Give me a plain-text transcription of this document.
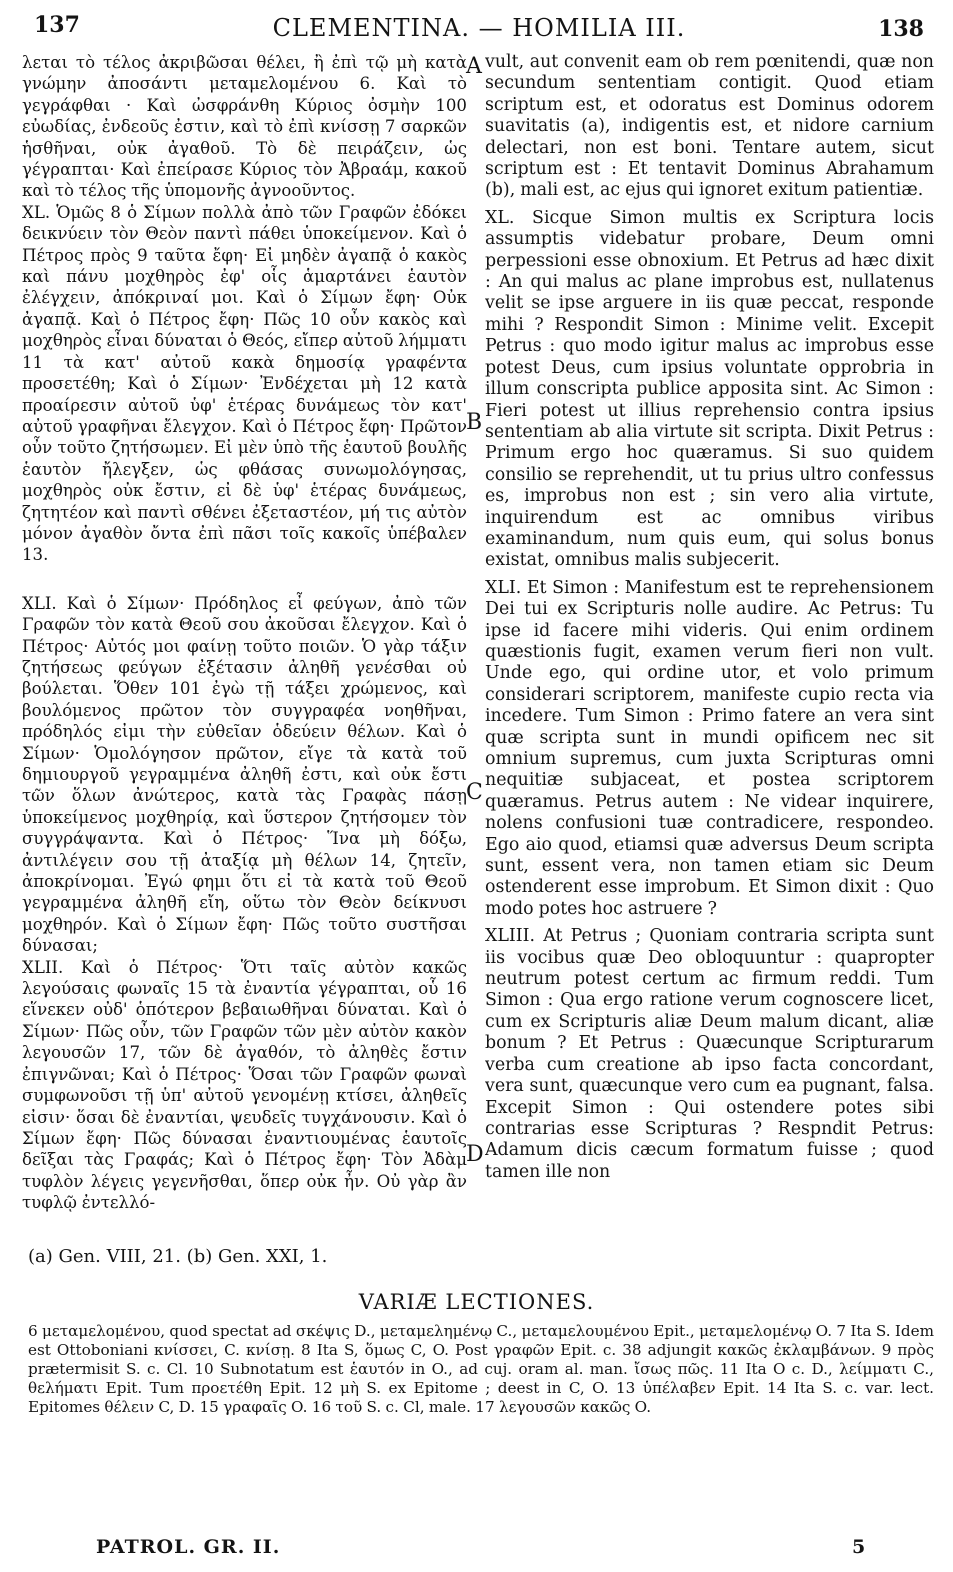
137	CLEMENTINA. — HOMILIA III.	138

λεται τὸ τέλος ἀκριβῶσαι θέλει, ἢ ἐπὶ τῷ μὴ κατὰ γνώμην ἀποσάντι μεταμελομένου 6. Καὶ τὸ γεγράφθαι · Καὶ ὠσφράνθη Κύριος ὀσμὴν 100 εὐωδίας, ἐνδεοῦς ἐστιν, καὶ τὸ ἐπὶ κνίσσῃ 7 σαρκῶν ἡσθῆναι, οὐκ ἀγαθοῦ. Τὸ δὲ πειράζειν, ὡς γέγραπται· Καὶ ἐπείρασε Κύριος τὸν Ἀβραάμ, κακοῦ καὶ τὸ τέλος τῆς ὑπομονῆς ἀγνοοῦντος.

XL. Ὁμῶς 8 ὁ Σίμων πολλὰ ἀπὸ τῶν Γραφῶν ἐδόκει δεικνύειν τὸν Θεὸν παντὶ πάθει ὑποκείμενον. Καὶ ὁ Πέτρος πρὸς 9 ταῦτα ἔφη· Εἰ μηδὲν ἀγαπᾷ ὁ κακὸς καὶ πάνυ μοχθηρὸς ἐφ' οἷς ἁμαρτάνει ἑαυτὸν ἐλέγχειν, ἀπόκριναί μοι. Καὶ ὁ Σίμων ἔφη· Οὐκ ἀγαπᾷ. Καὶ ὁ Πέτρος ἔφη· Πῶς 10 οὖν κακὸς καὶ μοχθηρὸς εἶναι δύναται ὁ Θεός, εἴπερ αὐτοῦ λήμματι 11 τὰ κατ' αὐτοῦ κακὰ δημοσίᾳ γραφέντα προσετέθη; Καὶ ὁ Σίμων· Ἐνδέχεται μὴ 12 κατὰ προαίρεσιν αὐτοῦ ὑφ' ἑτέρας δυνάμεως τὸν κατ' αὐτοῦ γραφῆναι ἔλεγχον. Καὶ ὁ Πέτρος ἔφη· Πρῶτον οὖν τοῦτο ζητήσωμεν. Εἰ μὲν ὑπὸ τῆς ἑαυτοῦ βουλῆς ἑαυτὸν ἤλεγξεν, ὡς φθάσας συνωμολόγησας, μοχθηρὸς οὐκ ἔστιν, εἰ δὲ ὑφ' ἑτέρας δυνάμεως, ζητητέον καὶ παντὶ σθένει ἐξεταστέον, μή τις αὐτὸν μόνον ἀγαθὸν ὄντα ἐπὶ πᾶσι τοῖς κακοῖς ὑπέβαλεν 13.

XLI. Καὶ ὁ Σίμων· Πρόδηλος εἶ φεύγων, ἀπὸ τῶν Γραφῶν τὸν κατὰ Θεοῦ σου ἀκοῦσαι ἔλεγχον. Καὶ ὁ Πέτρος· Αὐτός μοι φαίνῃ τοῦτο ποιῶν. Ὁ γὰρ τάξιν ζητήσεως φεύγων ἐξέτασιν ἀληθῆ γενέσθαι οὐ βούλεται. Ὅθεν 101 ἐγὼ τῇ τάξει χρώμενος, καὶ βουλόμενος πρῶτον τὸν συγγραφέα νοηθῆναι, πρόδηλός εἰμι τὴν εὐθεῖαν ὁδεύειν θέλων. Καὶ ὁ Σίμων· Ὁμολόγησον πρῶτον, εἴγε τὰ κατὰ τοῦ δημιουργοῦ γεγραμμένα ἀληθῆ ἐστι, καὶ οὐκ ἔστι τῶν ὅλων ἀνώτερος, κατὰ τὰς Γραφὰς πάσῃ ὑποκείμενος μοχθηρίᾳ, καὶ ὕστερον ζητήσομεν τὸν συγγράψαντα. Καὶ ὁ Πέτρος· Ἵνα μὴ δόξω, ἀντιλέγειν σου τῇ ἀταξίᾳ μὴ θέλων 14, ζητεῖν, ἀποκρίνομαι. Ἐγώ φημι ὅτι εἰ τὰ κατὰ τοῦ Θεοῦ γεγραμμένα ἀληθῆ εἴη, οὕτω τὸν Θεὸν δείκνυσι μοχθηρόν. Καὶ ὁ Σίμων ἔφη· Πῶς τοῦτο συστῆσαι δύνασαι;

XLII. Καὶ ὁ Πέτρος· Ὅτι ταῖς αὐτὸν κακῶς λεγούσαις φωναῖς 15 τὰ ἐναντία γέγραπται, οὗ 16 εἵνεκεν οὐδ' ὁπότερον βεβαιωθῆναι δύναται. Καὶ ὁ Σίμων· Πῶς οὖν, τῶν Γραφῶν τῶν μὲν αὐτὸν κακὸν λεγουσῶν 17, τῶν δὲ ἀγαθόν, τὸ ἀληθὲς ἔστιν ἐπιγνῶναι; Καὶ ὁ Πέτρος· Ὅσαι τῶν Γραφῶν φωναὶ συμφωνοῦσι τῇ ὑπ' αὐτοῦ γενομένῃ κτίσει, ἀληθεῖς εἰσιν· ὅσαι δὲ ἐναντίαι, ψευδεῖς τυγχάνουσιν. Καὶ ὁ Σίμων ἔφη· Πῶς δύνασαι ἐναντιουμένας ἑαυτοῖς δεῖξαι τὰς Γραφάς; Καὶ ὁ Πέτρος ἔφη· Τὸν Ἀδὰμ τυφλὸν λέγεις γεγενῆσθαι, ὅπερ οὐκ ἦν. Οὐ γὰρ ἂν τυφλῷ ἐντελλό-

A
B
C
D

vult, aut convenit eam ob rem pœnitendi, quæ non secundum sententiam contigit. Quod etiam scriptum est, et odoratus est Dominus odorem suavitatis (a), indigentis est, et nidore carnium delectari, non est boni. Tentare autem, sicut scriptum est : Et tentavit Dominus Abrahamum (b), mali est, ac ejus qui ignoret exitum patientiæ.

XL. Sicque Simon multis ex Scriptura locis assumptis videbatur probare, Deum omni perpessioni esse obnoxium. Et Petrus ad hæc dixit : An qui malus ac plane improbus est, nullatenus velit se ipse arguere in iis quæ peccat, responde mihi ? Respondit Simon : Minime velit. Excepit Petrus : quo modo igitur malus ac improbus esse potest Deus, cum ipsius voluntate opprobria in illum conscripta publice apposita sint. Ac Simon : Fieri potest ut illius reprehensio contra ipsius sententiam ab alia virtute sit scripta. Dixit Petrus : Primum ergo hoc quæramus. Si suo quidem consilio se reprehendit, ut tu prius ultro confessus es, improbus non est ; sin vero alia virtute, inquirendum est ac omnibus viribus examinandum, num quis eum, qui solus bonus existat, omnibus malis subjecerit.

XLI. Et Simon : Manifestum est te reprehensionem Dei tui ex Scripturis nolle audire. Ac Petrus: Tu ipse id facere mihi videris. Qui enim ordinem quæstionis fugit, examen verum fieri non vult. Unde ego, qui ordine utor, et volo primum considerari scriptorem, manifeste cupio recta via incedere. Tum Simon : Primo fatere an vera sint quæ scripta sunt in mundi opificem nec sit omnium supremus, cum juxta Scripturas omni nequitiæ subjaceat, et postea scriptorem quæramus. Petrus autem : Ne videar inquirere, nolens confusioni tuæ contradicere, respondeo. Ego aio quod, etiamsi quæ adversus Deum scripta sunt, essent vera, non tamen etiam sic Deum ostenderent esse improbum. Et Simon dixit : Quo modo potes hoc astruere ?

XLIII. At Petrus ; Quoniam contraria scripta sunt iis vocibus quæ Deo obloquuntur : quapropter neutrum potest certum ac firmum reddi. Tum Simon : Qua ergo ratione verum cognoscere licet, cum ex Scripturis aliæ Deum malum dicant, aliæ bonum ? Et Petrus : Quæcunque Scripturarum verba cum creatione ab ipso facta concordant, vera sunt, quæcunque vero cum ea pugnant, falsa. Excepit Simon : Qui ostendere potes sibi contrarias esse Scripturas ? Respndit Petrus: Adamum dicis cæcum formatum fuisse ; quod tamen ille non

(a) Gen. VIII, 21. (b) Gen. XXI, 1.
VARIÆ LECTIONES.

6 μεταμελομένου, quod spectat ad σκέψις D., μεταμελημένῳ C., μεταμελουμένου Epit., μεταμελομένῳ O. 7 Ita S. Idem est Ottoboniani κνίσσει, C. κνίσῃ. 8 Ita S, ὅμως C, O. Post γραφῶν Epit. c. 38 adjungit κακῶς ἐκλαμβάνων. 9 πρὸς prætermisit S. c. Cl. 10 Subnotatum est ἑαυτόν in O., ad cuj. oram al. man. ἴσως πῶς. 11 Ita O c. D., λείμματι C., θελήματι Epit. Tum προετέθη Epit. 12 μὴ S. ex Epitome ; deest in C, O. 13 ὑπέλαβεν Epit. 14 Ita S. c. var. lect. Epitomes θέλειν C, D. 15 γραφαῖς O. 16 τοῦ S. c. Cl, male. 17 λεγουσῶν κακῶς O.

PATROL. GR. II.	5
